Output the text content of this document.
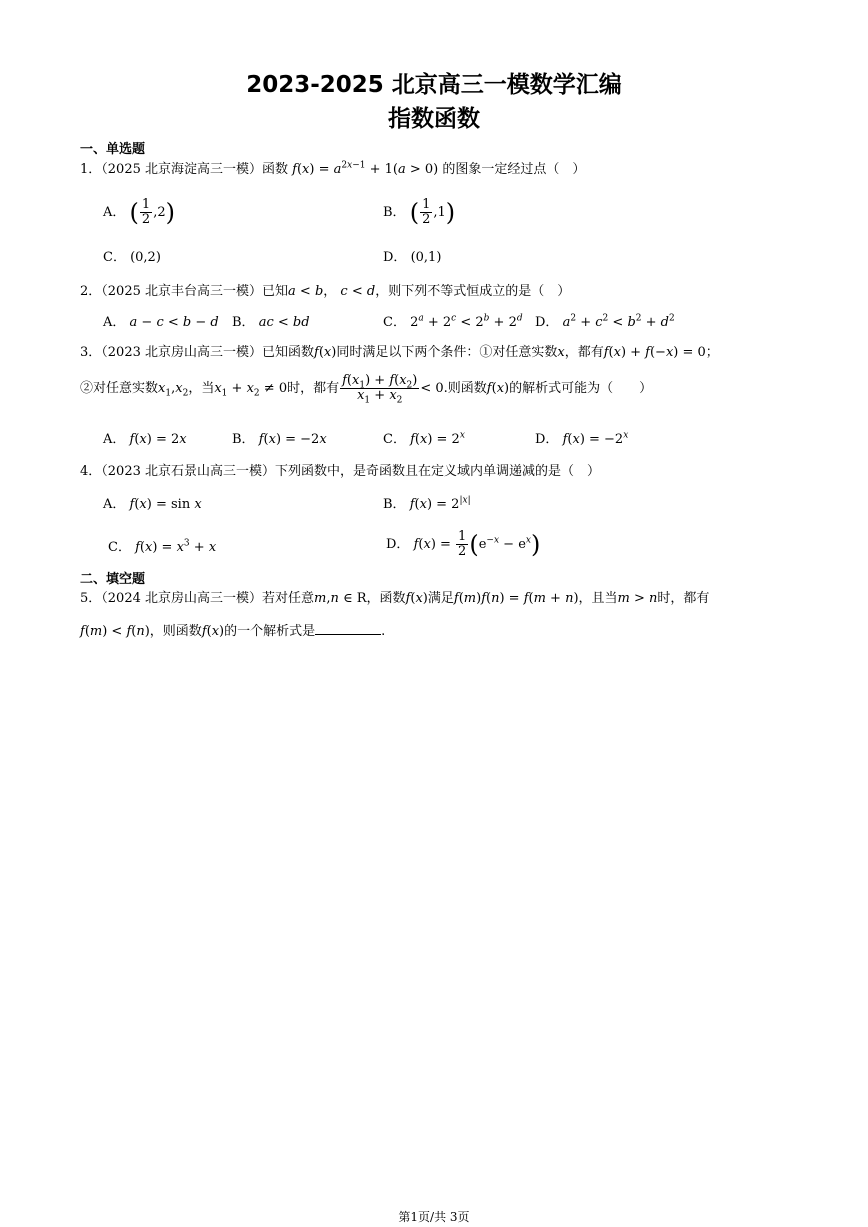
2023-2025 北京高三一模数学汇编
指数函数
一、单选题
1．（2025 北京海淀高三一模）函数 $f(x) = a^{2x-1} + 1(a > 0)$ 的图象一定经过点（　）
A． ( $\frac{1}{2} ,2$)	B． ( $\frac{1}{2} ,1$)
C． (0,2)	D． (0,1)
2．（2025 北京丰台高三一模）已知a < b， c < d，则下列不等式恒成立的是（　）
A． a − c < b − d B． ac < bd	C． $2^a + 2^c < 2^b + 2^d$ D． $a^2 + c^2 < b^2 + d^2$
3．（2023 北京房山高三一模）已知函数f(x)同时满足以下两个条件：①对任意实数x，都有f(x) + f(−x) = 0；
②对任意实数$x_1,x_2$，当$x_1 + x_2 \ne 0$时，都有 $\frac{f(x_1) + f(x_2)}{x_1 + x_2} < 0$.则函数f(x)的解析式可能为（　　）
A． f(x) = 2x	B． f(x) = −2x	C． $f(x) = 2^x$	D． $f(x) = -2^x$
4．（2023 北京石景山高三一模）下列函数中，是奇函数且在定义域内单调递减的是（　）
A． f(x) = sin x	B． $f(x) = 2^{|x|}$
C． $f(x) = x^3 + x$	D． $f(x) = \frac{1}{2} (e^{-x} - e^x)$
二、填空题
5．（2024 北京房山高三一模）若对任意m,n ∈ R，函数f(x)满足f(m)f(n) = f(m + n)，且当m > n时，都有
f(m) < f(n)，则函数f(x)的一个解析式是	.
第1页/共 3页
